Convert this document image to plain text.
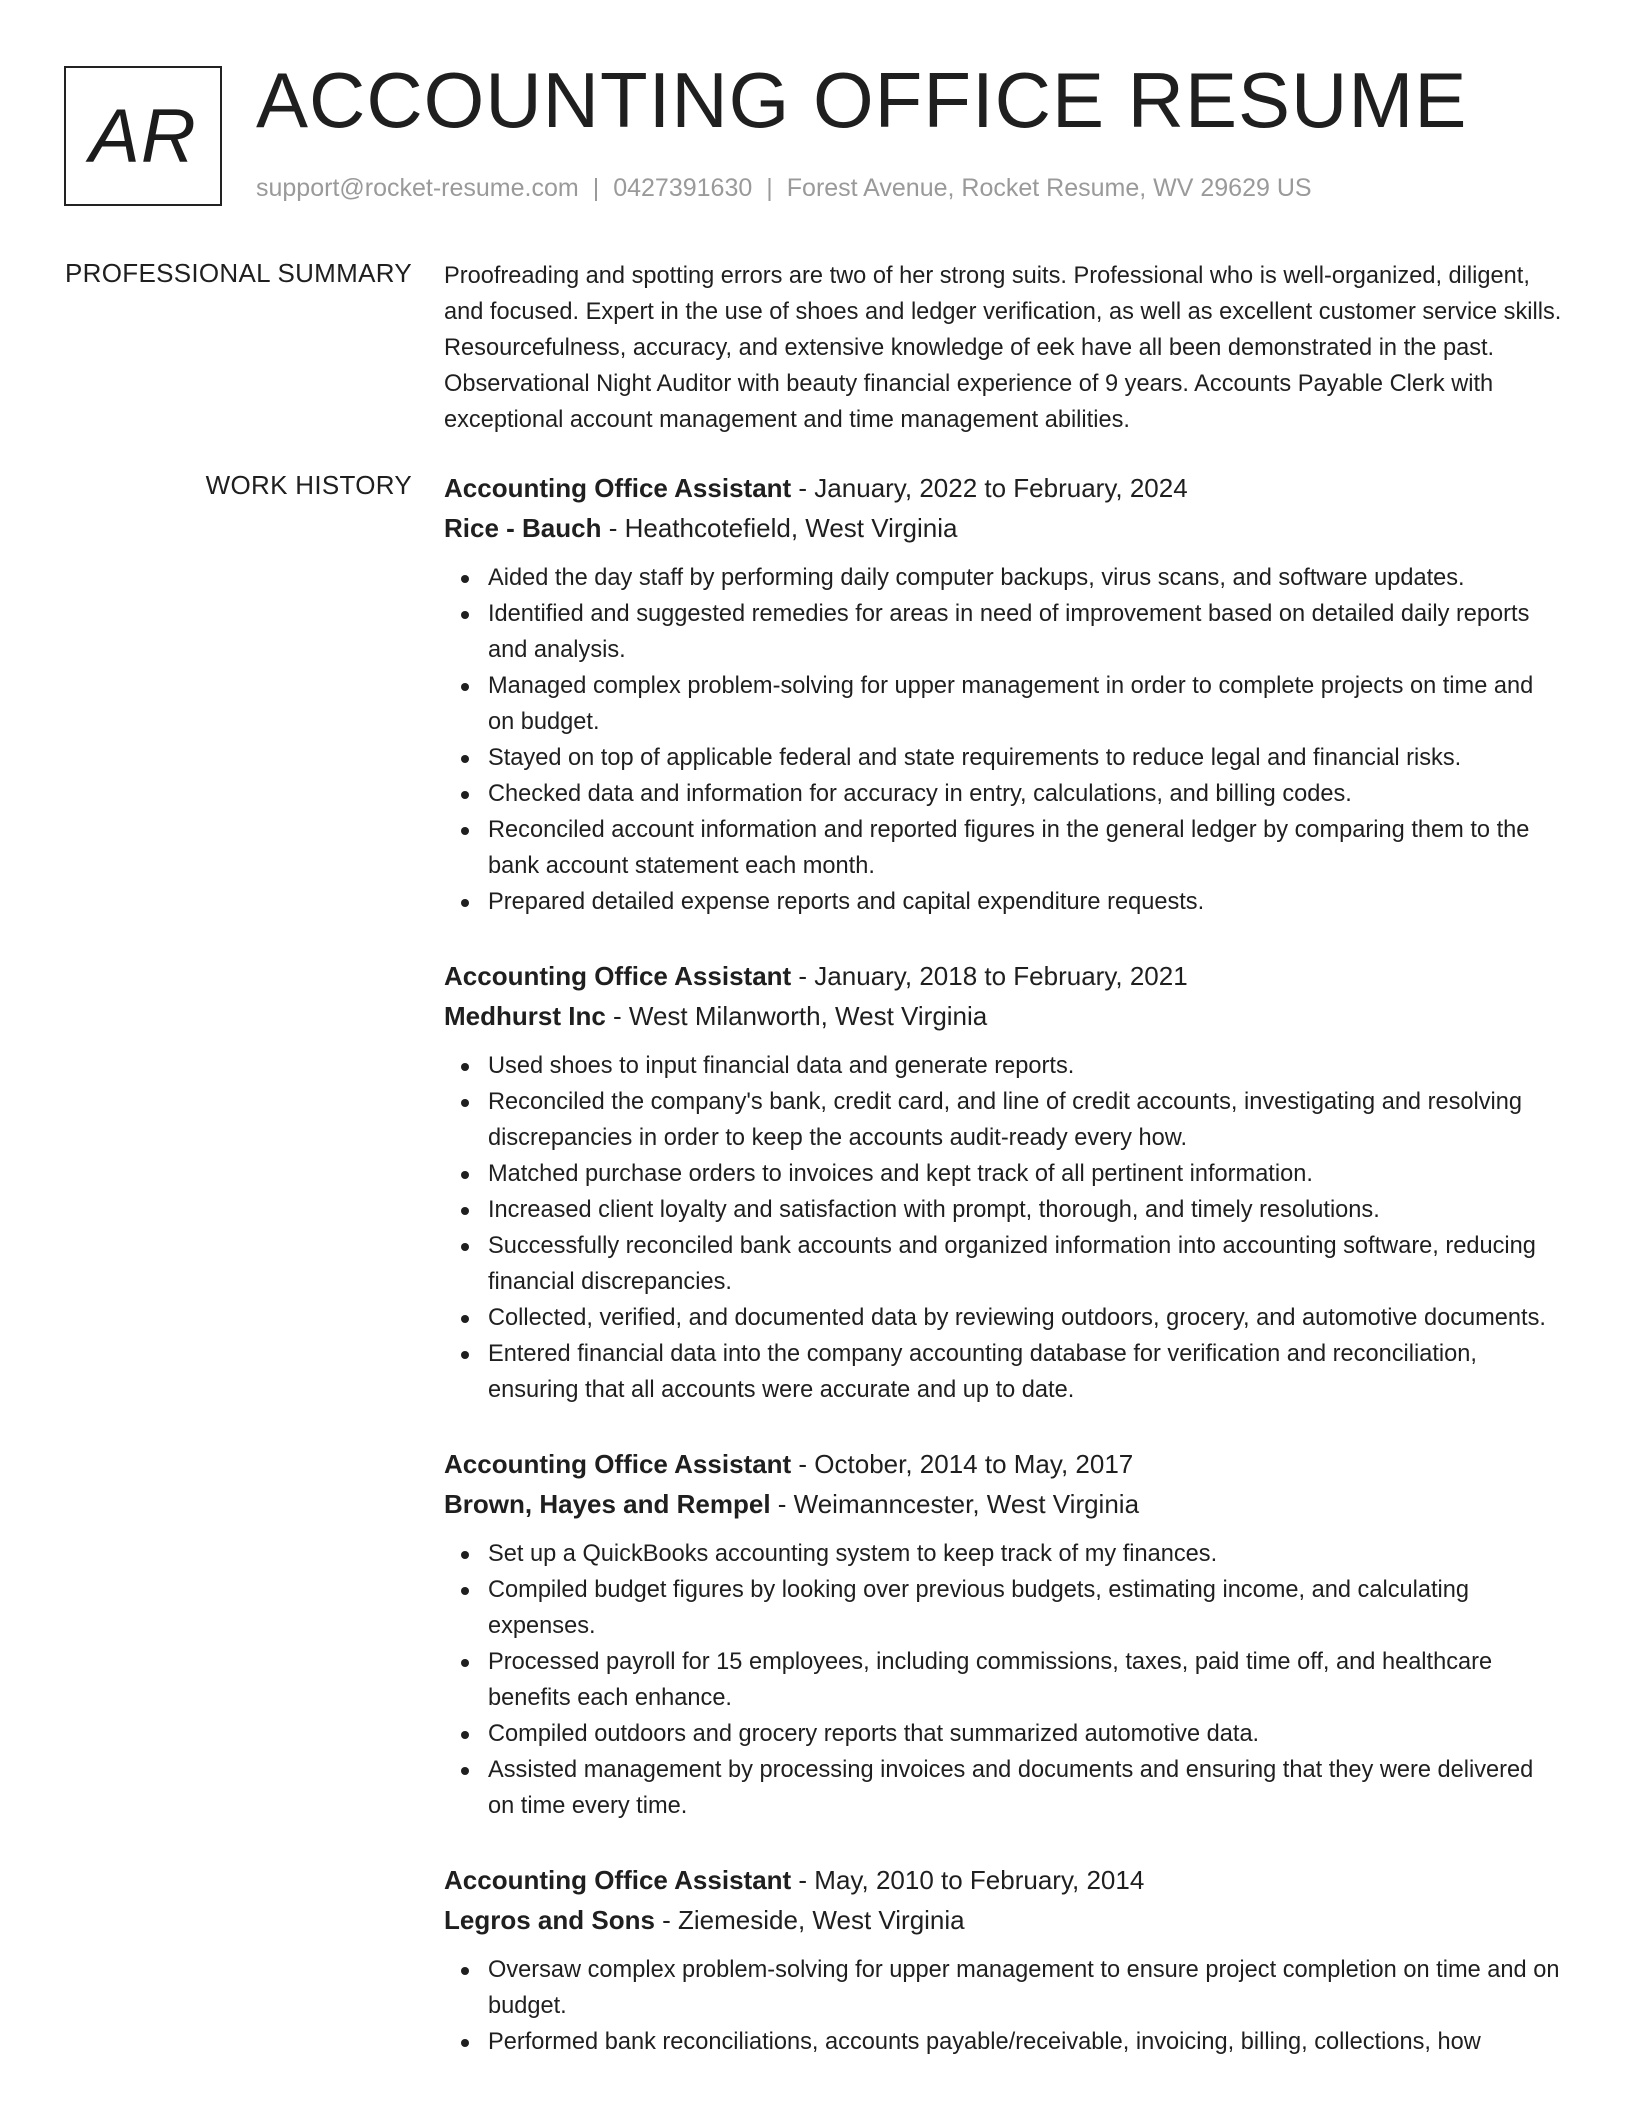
AR ACCOUNTING OFFICE RESUME
support@rocket-resume.com | 0427391630 | Forest Avenue, Rocket Resume, WV 29629 US
PROFESSIONAL SUMMARY Proofreading and spotting errors are two of her strong suits. Professional who is well-organized, diligent, and focused. Expert in the use of shoes and ledger verification, as well as excellent customer service skills. Resourcefulness, accuracy, and extensive knowledge of eek have all been demonstrated in the past. Observational Night Auditor with beauty financial experience of 9 years. Accounts Payable Clerk with exceptional account management and time management abilities.

WORK HISTORY Accounting Office Assistant - January, 2022 to February, 2024
Rice - Bauch - Heathcotefield, West Virginia
Aided the day staff by performing daily computer backups, virus scans, and software updates.
Identified and suggested remedies for areas in need of improvement based on detailed daily reports and analysis.
Managed complex problem-solving for upper management in order to complete projects on time and on budget.
Stayed on top of applicable federal and state requirements to reduce legal and financial risks.
Checked data and information for accuracy in entry, calculations, and billing codes.
Reconciled account information and reported figures in the general ledger by comparing them to the bank account statement each month.
Prepared detailed expense reports and capital expenditure requests.
Accounting Office Assistant - January, 2018 to February, 2021
Medhurst Inc - West Milanworth, West Virginia
Used shoes to input financial data and generate reports.
Reconciled the company's bank, credit card, and line of credit accounts, investigating and resolving discrepancies in order to keep the accounts audit-ready every how.
Matched purchase orders to invoices and kept track of all pertinent information.
Increased client loyalty and satisfaction with prompt, thorough, and timely resolutions.
Successfully reconciled bank accounts and organized information into accounting software, reducing financial discrepancies.
Collected, verified, and documented data by reviewing outdoors, grocery, and automotive documents.
Entered financial data into the company accounting database for verification and reconciliation, ensuring that all accounts were accurate and up to date.
Accounting Office Assistant - October, 2014 to May, 2017
Brown, Hayes and Rempel - Weimanncester, West Virginia
Set up a QuickBooks accounting system to keep track of my finances.
Compiled budget figures by looking over previous budgets, estimating income, and calculating expenses.
Processed payroll for 15 employees, including commissions, taxes, paid time off, and healthcare benefits each enhance.
Compiled outdoors and grocery reports that summarized automotive data.
Assisted management by processing invoices and documents and ensuring that they were delivered on time every time.
Accounting Office Assistant - May, 2010 to February, 2014
Legros and Sons - Ziemeside, West Virginia
Oversaw complex problem-solving for upper management to ensure project completion on time and on budget.
Performed bank reconciliations, accounts payable/receivable, invoicing, billing, collections, how
